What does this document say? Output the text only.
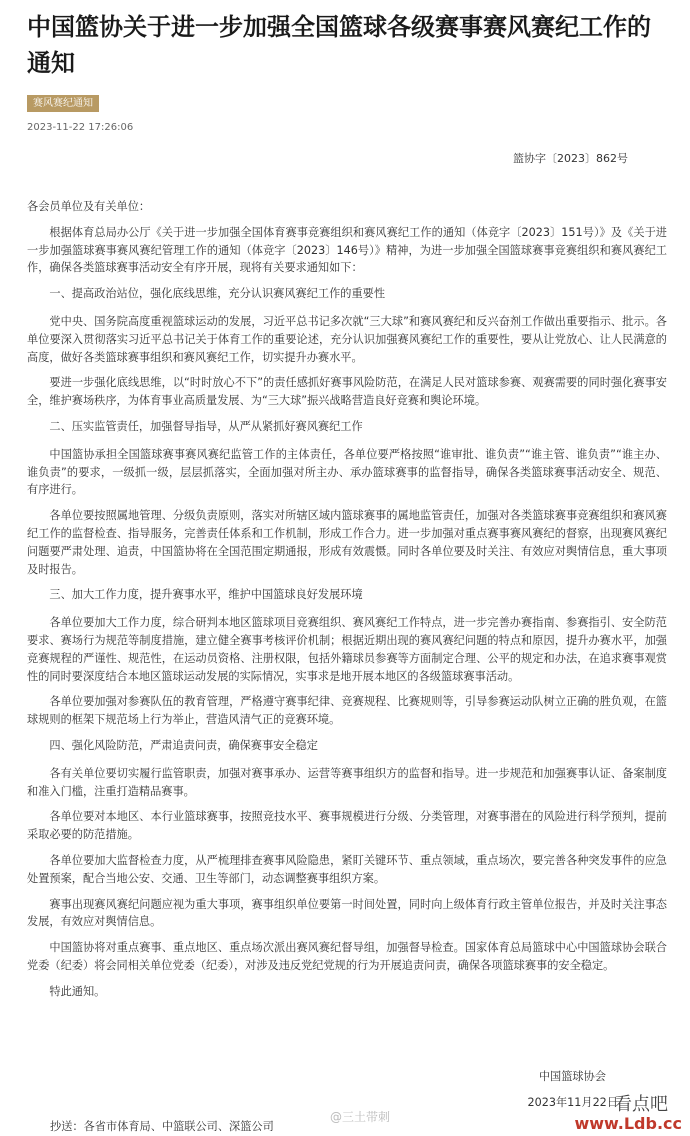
中国篮协关于进一步加强全国篮球各级赛事赛风赛纪工作的通知
赛风赛纪通知
2023-11-22 17:26:06
篮协字〔2023〕862号

各会员单位及有关单位：

根据体育总局办公厅《关于进一步加强全国体育赛事竞赛组织和赛风赛纪工作的通知（体竞字〔2023〕151号）》及《关于进一步加强篮球赛事赛风赛纪管理工作的通知（体竞字〔2023〕146号）》精神，为进一步加强全国篮球赛事竞赛组织和赛风赛纪工作，确保各类篮球赛事活动安全有序开展，现将有关要求通知如下：

一、提高政治站位，强化底线思维，充分认识赛风赛纪工作的重要性

党中央、国务院高度重视篮球运动的发展，习近平总书记多次就“三大球”和赛风赛纪和反兴奋剂工作做出重要指示、批示。各单位要深入贯彻落实习近平总书记关于体育工作的重要论述，充分认识加强赛风赛纪工作的重要性，要从让党放心、让人民满意的高度，做好各类篮球赛事组织和赛风赛纪工作，切实提升办赛水平。

要进一步强化底线思维，以“时时放心不下”的责任感抓好赛事风险防范，在满足人民对篮球参赛、观赛需要的同时强化赛事安全，维护赛场秩序，为体育事业高质量发展、为“三大球”振兴战略营造良好竞赛和舆论环境。

二、压实监管责任，加强督导指导，从严从紧抓好赛风赛纪工作

中国篮协承担全国篮球赛事赛风赛纪监管工作的主体责任，各单位要严格按照“谁审批、谁负责”“谁主管、谁负责”“谁主办、谁负责”的要求，一级抓一级，层层抓落实，全面加强对所主办、承办篮球赛事的监督指导，确保各类篮球赛事活动安全、规范、有序进行。

各单位要按照属地管理、分级负责原则，落实对所辖区域内篮球赛事的属地监管责任，加强对各类篮球赛事竞赛组织和赛风赛纪工作的监督检查、指导服务，完善责任体系和工作机制，形成工作合力。进一步加强对重点赛事赛风赛纪的督察，出现赛风赛纪问题要严肃处理、追责，中国篮协将在全国范围定期通报，形成有效震慑。同时各单位要及时关注、有效应对舆情信息，重大事项及时报告。

三、加大工作力度，提升赛事水平，维护中国篮球良好发展环境

各单位要加大工作力度，综合研判本地区篮球项目竞赛组织、赛风赛纪工作特点，进一步完善办赛指南、参赛指引、安全防范要求、赛场行为规范等制度措施，建立健全赛事考核评价机制；根据近期出现的赛风赛纪问题的特点和原因，提升办赛水平，加强竞赛规程的严谨性、规范性，在运动员资格、注册权限，包括外籍球员参赛等方面制定合理、公平的规定和办法，在追求赛事观赏性的同时要深度结合本地区篮球运动发展的实际情况，实事求是地开展本地区的各级篮球赛事活动。

各单位要加强对参赛队伍的教育管理，严格遵守赛事纪律、竞赛规程、比赛规则等，引导参赛运动队树立正确的胜负观，在篮球规则的框架下规范场上行为举止，营造风清气正的竞赛环境。

四、强化风险防范，严肃追责问责，确保赛事安全稳定

各有关单位要切实履行监管职责，加强对赛事承办、运营等赛事组织方的监督和指导。进一步规范和加强赛事认证、备案制度和准入门槛，注重打造精品赛事。

各单位要对本地区、本行业篮球赛事，按照竞技水平、赛事规模进行分级、分类管理，对赛事潜在的风险进行科学预判，提前采取必要的防范措施。

各单位要加大监督检查力度，从严梳理排查赛事风险隐患，紧盯关键环节、重点领域，重点场次，要完善各种突发事件的应急处置预案，配合当地公安、交通、卫生等部门，动态调整赛事组织方案。

赛事出现赛风赛纪问题应视为重大事项，赛事组织单位要第一时间处置，同时向上级体育行政主管单位报告，并及时关注事态发展，有效应对舆情信息。

中国篮协将对重点赛事、重点地区、重点场次派出赛风赛纪督导组，加强督导检查。国家体育总局篮球中心中国篮球协会联合党委（纪委）将会同相关单位党委（纪委），对涉及违反党纪党规的行为开展追责问责，确保各项篮球赛事的安全稳定。

特此通知。

中国篮球协会
2023年11月22日
抄送：各省市体育局、中篮联公司、深篮公司
@三土带刺
看点吧
www.Ldb.cc
